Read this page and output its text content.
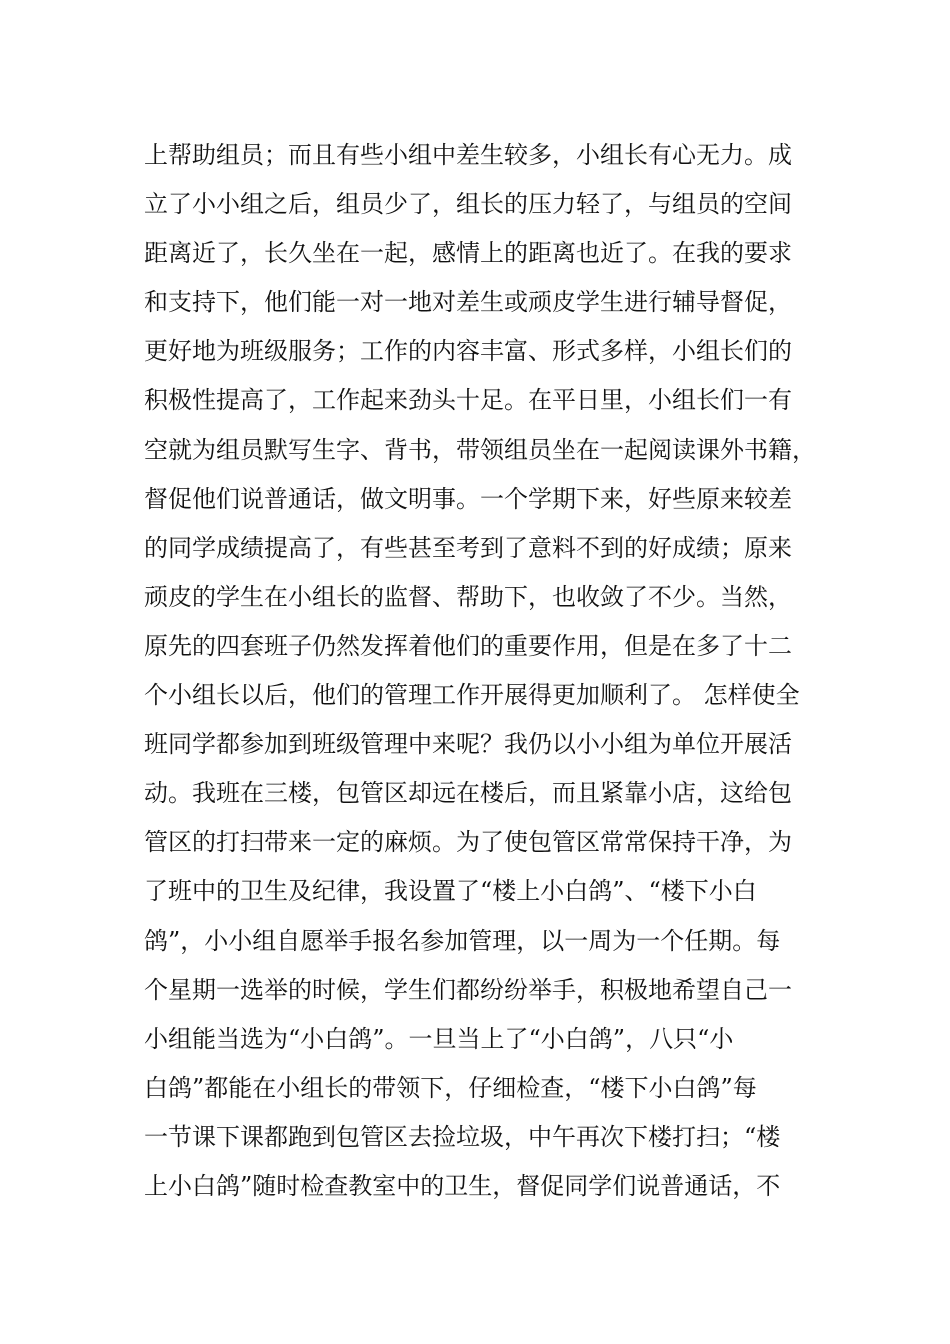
上帮助组员；而且有些小组中差生较多，小组长有心无力。成
立了小小组之后，组员少了，组长的压力轻了，与组员的空间
距离近了，长久坐在一起，感情上的距离也近了。在我的要求
和支持下，他们能一对一地对差生或顽皮学生进行辅导督促，
更好地为班级服务；工作的内容丰富、形式多样，小组长们的
积极性提高了，工作起来劲头十足。在平日里，小组长们一有
空就为组员默写生字、背书，带领组员坐在一起阅读课外书籍，
督促他们说普通话，做文明事。一个学期下来，好些原来较差
的同学成绩提高了，有些甚至考到了意料不到的好成绩；原来
顽皮的学生在小组长的监督、帮助下，也收敛了不少。当然，
原先的四套班子仍然发挥着他们的重要作用，但是在多了十二
个小组长以后，他们的管理工作开展得更加顺利了。 怎样使全
班同学都参加到班级管理中来呢？我仍以小小组为单位开展活
动。我班在三楼，包管区却远在楼后，而且紧靠小店，这给包
管区的打扫带来一定的麻烦。为了使包管区常常保持干净，为
了班中的卫生及纪律，我设置了“楼上小白鸽”、“楼下小白
鸽”，小小组自愿举手报名参加管理，以一周为一个任期。每
个星期一选举的时候，学生们都纷纷举手，积极地希望自己一
小组能当选为“小白鸽”。一旦当上了“小白鸽”，八只“小
白鸽”都能在小组长的带领下，仔细检查，“楼下小白鸽”每
一节课下课都跑到包管区去捡垃圾，中午再次下楼打扫；“楼
上小白鸽”随时检查教室中的卫生，督促同学们说普通话，不
